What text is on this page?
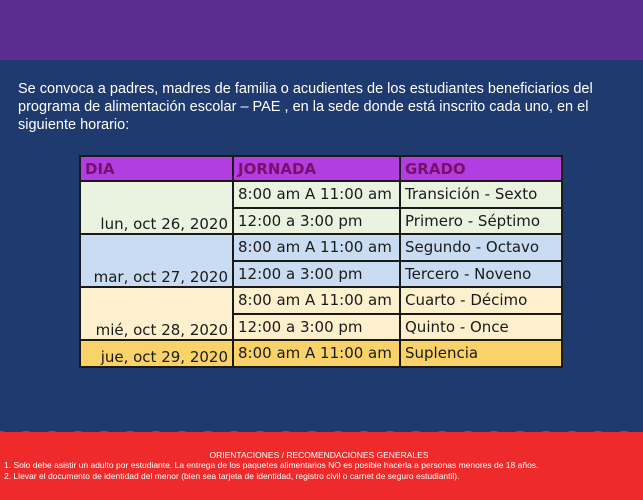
Se convoca a padres, madres de familia o acudientes de los estudiantes beneficiarios del programa de alimentación escolar – PAE , en la sede donde está inscrito cada uno, en el siguiente horario:
DIA	JORNADA	GRADO
lun, oct 26, 2020	8:00 am A 11:00 am	Transición - Sexto
	12:00 a 3:00 pm	Primero - Séptimo
mar, oct 27, 2020	8:00 am A 11:00 am	Segundo - Octavo
	12:00 a 3:00 pm	Tercero - Noveno
mié, oct 28, 2020	8:00 am A 11:00 am	Cuarto - Décimo
	12:00 a 3:00 pm	Quinto - Once
jue, oct 29, 2020	8:00 am A 11:00 am	Suplencia
ORIENTACIONES / RECOMENDACIONES GENERALES
1. Solo debe asistir un adulto por estudiante. La entrega de los paquetes alimentarios NO es posible hacerla a personas menores de 18 años.
2. Llevar el documento de identidad del menor (bien sea tarjeta de identidad, registro civil o carnet de seguro estudiantil).
